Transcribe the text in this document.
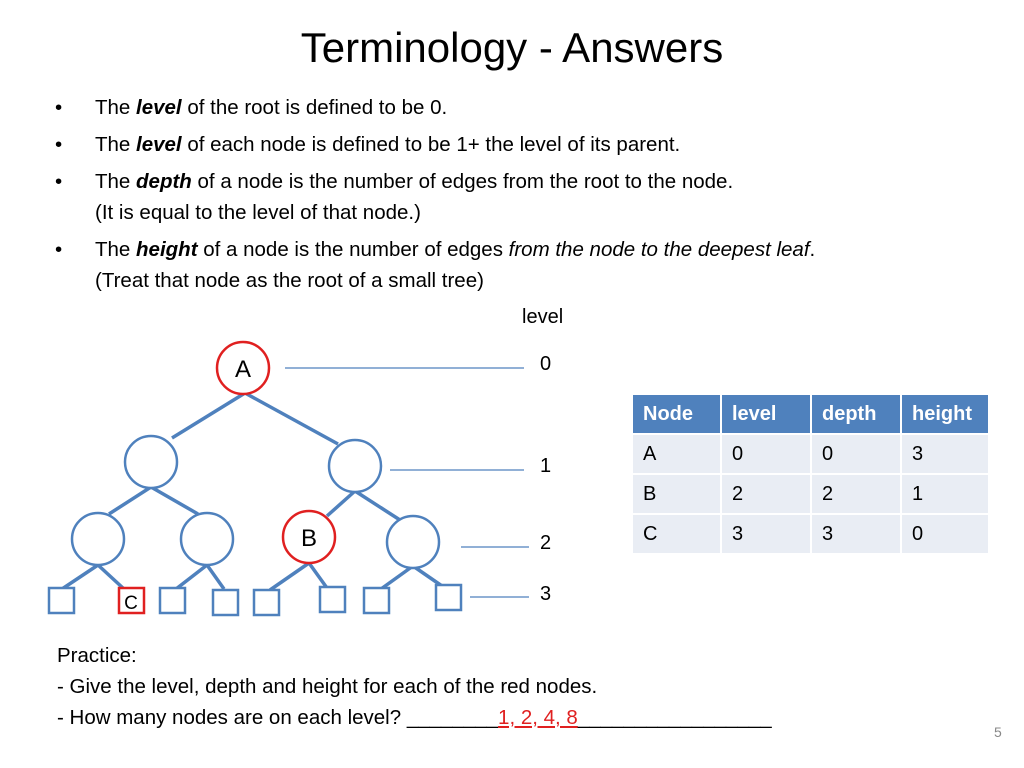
Terminology - Answers
• The level of the root is defined to be 0.
• The level of each node is defined to be 1+ the level of its parent.
• The depth of a node is the number of edges from the root to the node.
(It is equal to the level of that node.)
• The height of a node is the number of edges from the node to the deepest leaf.
(Treat that node as the root of a small tree)
A
B
C
level
0
1
2
3
Node	level	depth	height
A	0	0	3
B	2	2	1
C	3	3	0
Practice:
- Give the level, depth and height for each of the red nodes.
- How many nodes are on each level? ________1, 2, 4, 8_________________
5
